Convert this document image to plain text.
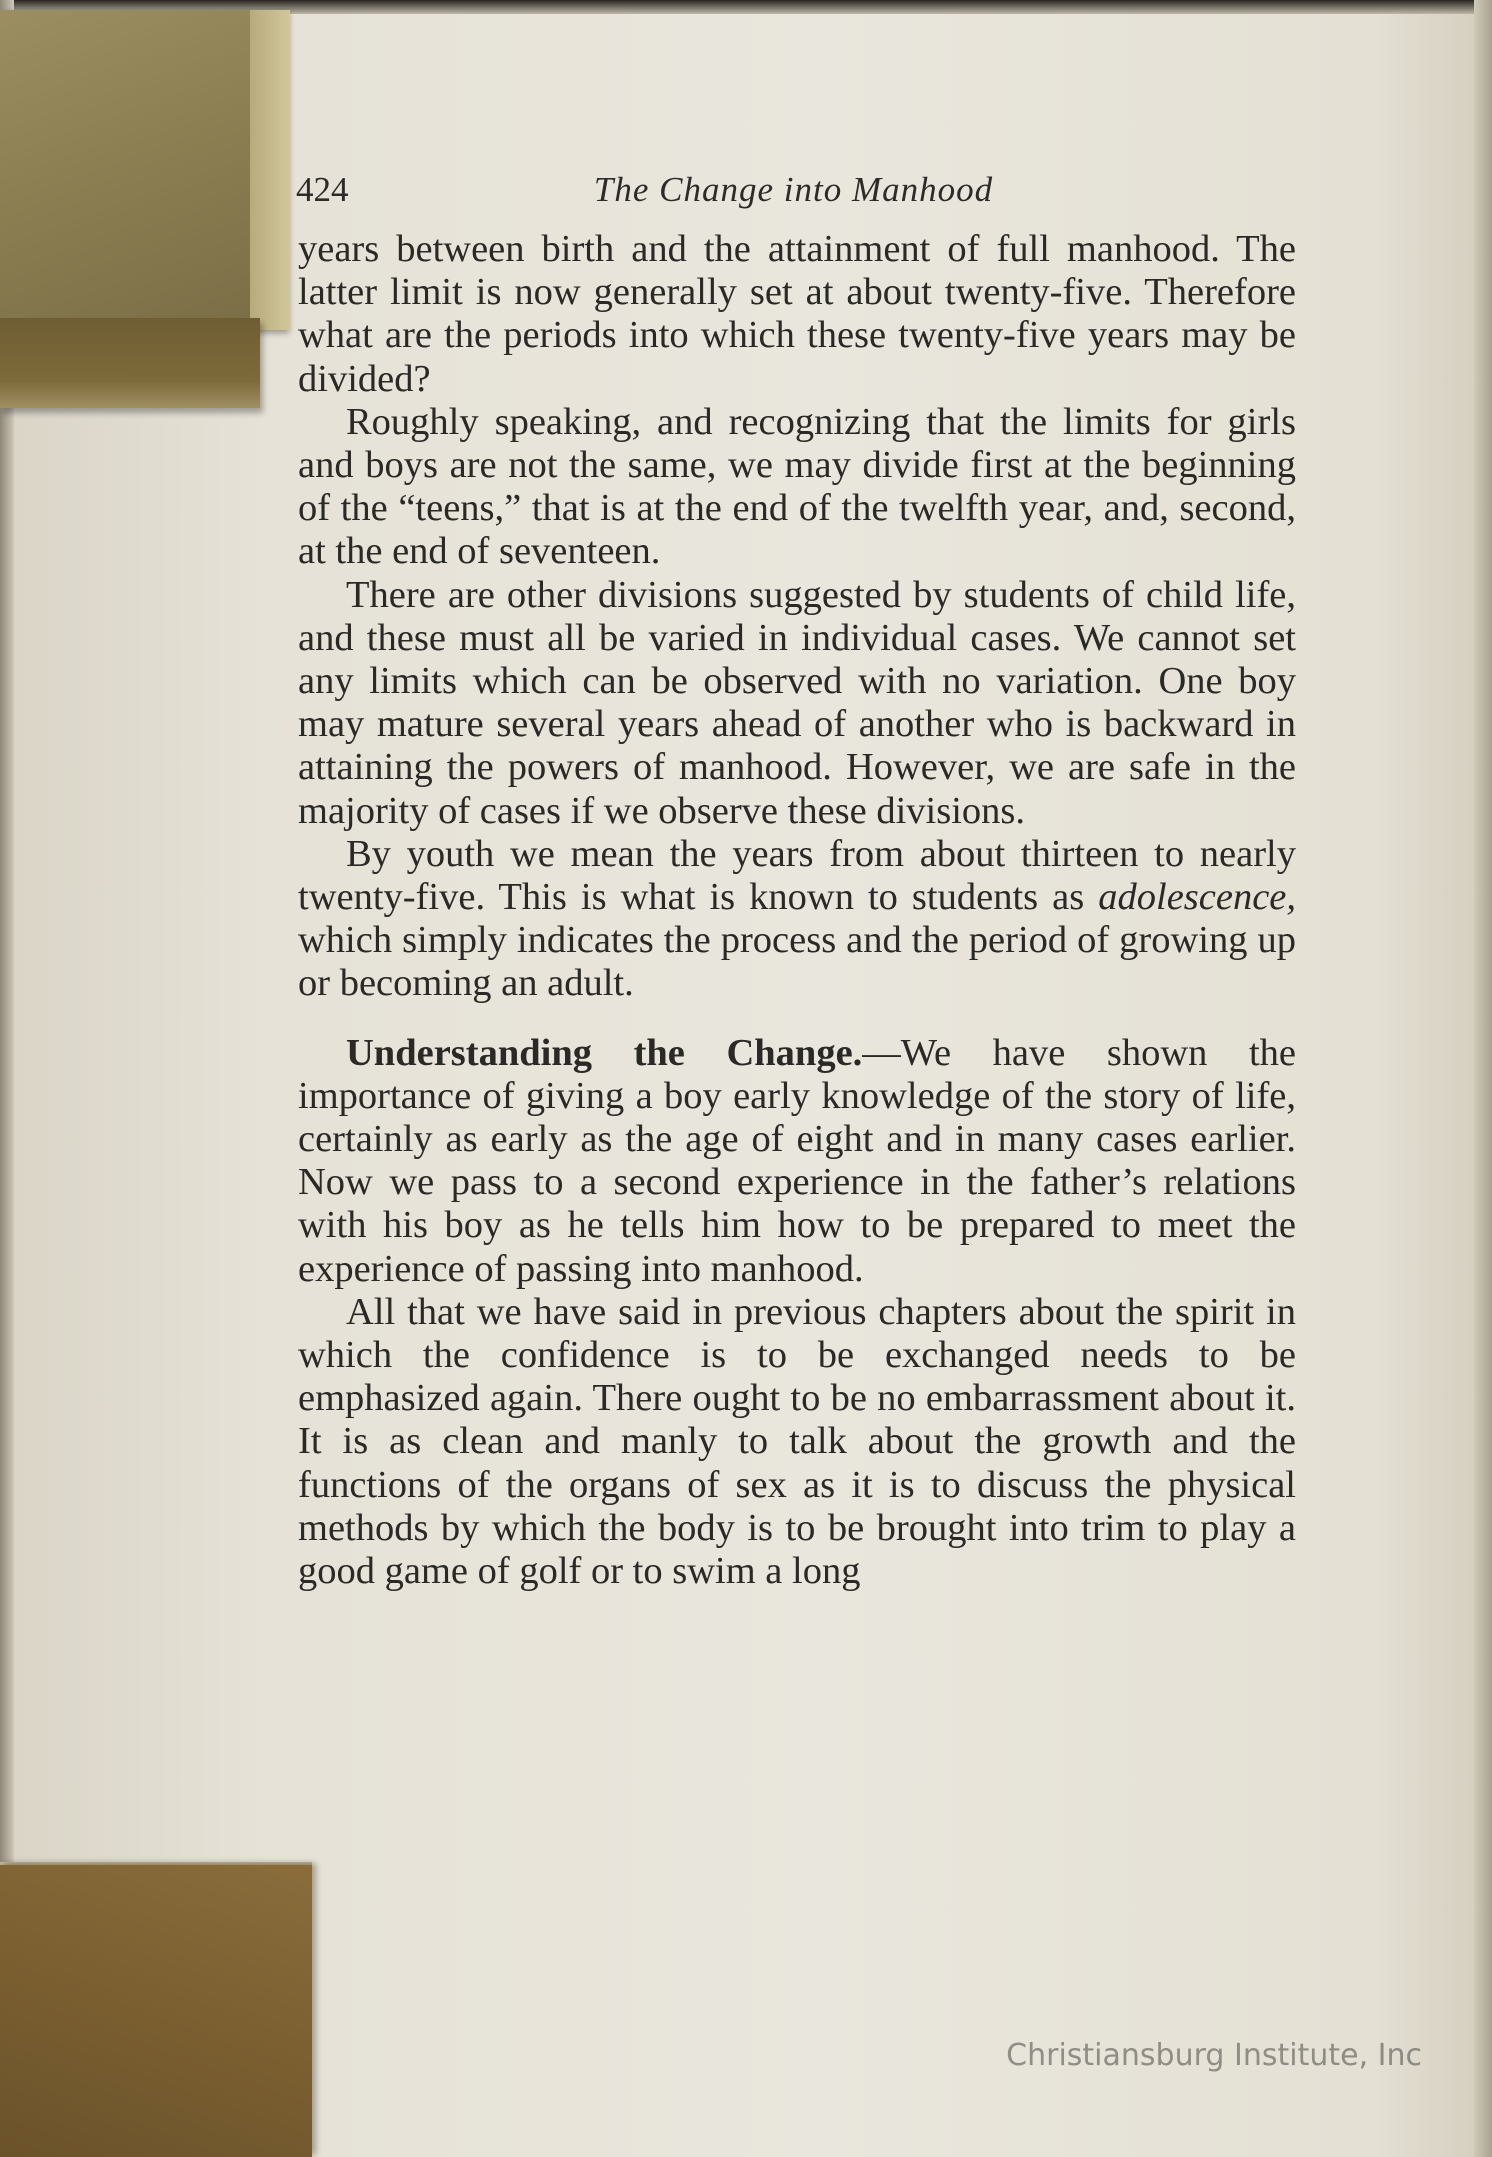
424	The Change into Manhood

years between birth and the attainment of full manhood. The latter limit is now generally set at about twenty-five. Therefore what are the periods into which these twenty-five years may be divided?

Roughly speaking, and recognizing that the limits for girls and boys are not the same, we may divide first at the beginning of the “teens,” that is at the end of the twelfth year, and, second, at the end of seventeen.

There are other divisions suggested by students of child life, and these must all be varied in individual cases. We cannot set any limits which can be observed with no variation. One boy may mature several years ahead of another who is backward in attaining the powers of manhood. However, we are safe in the majority of cases if we observe these divisions.

By youth we mean the years from about thirteen to nearly twenty-five. This is what is known to students as adolescence, which simply indicates the process and the period of growing up or becoming an adult.

Understanding the Change.—We have shown the importance of giving a boy early knowledge of the story of life, certainly as early as the age of eight and in many cases earlier. Now we pass to a second experience in the father’s relations with his boy as he tells him how to be prepared to meet the experience of passing into manhood.

All that we have said in previous chapters about the spirit in which the confidence is to be exchanged needs to be emphasized again. There ought to be no embarrassment about it. It is as clean and manly to talk about the growth and the functions of the organs of sex as it is to discuss the physical methods by which the body is to be brought into trim to play a good game of golf or to swim a long

Christiansburg Institute, Inc
